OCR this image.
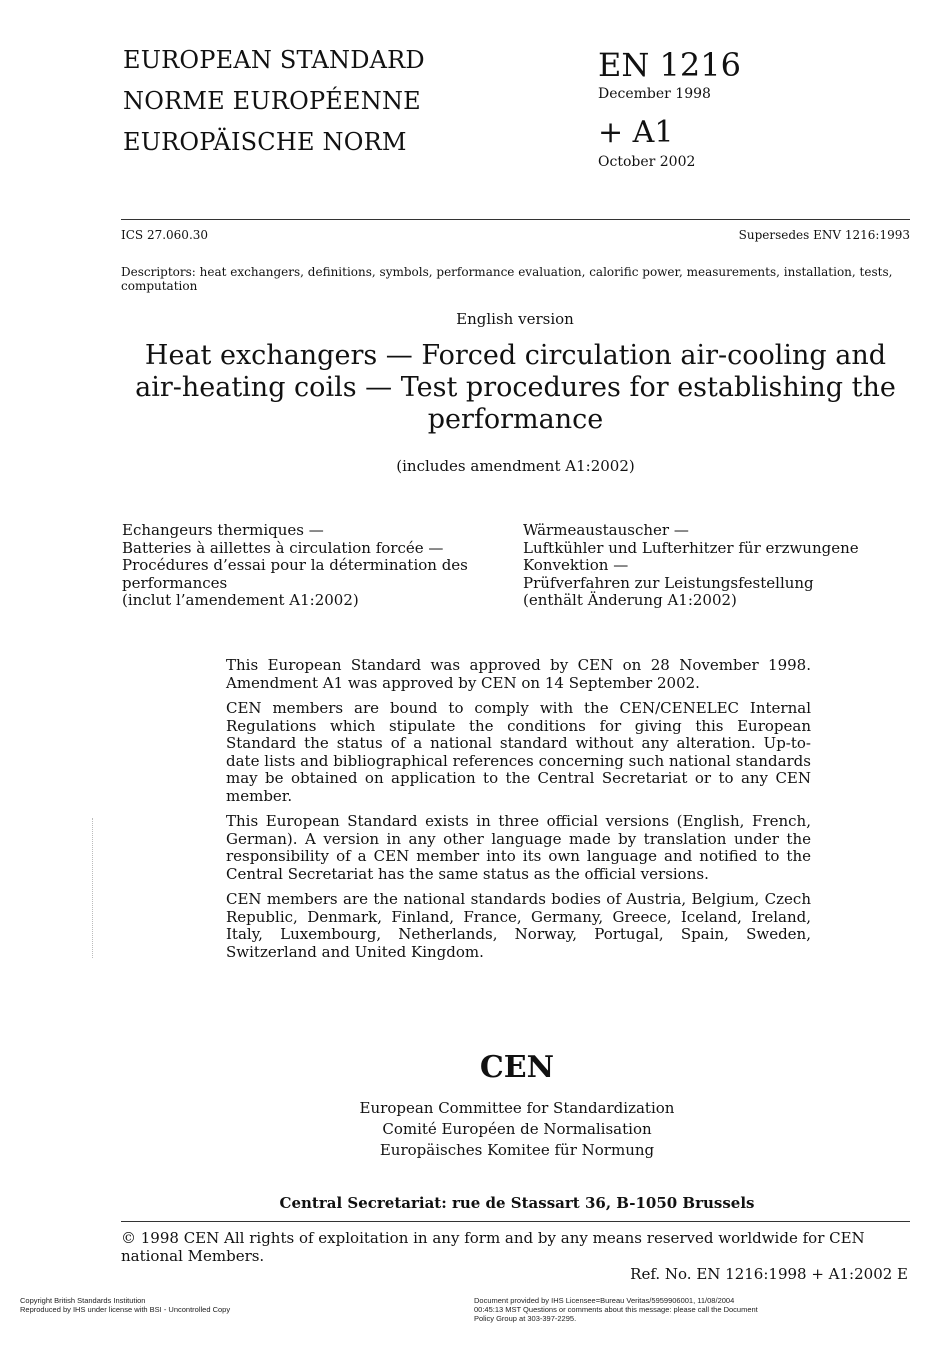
EUROPEAN STANDARD
NORME EUROPÉENNE
EUROPÄISCHE NORM
EN 1216
December 1998
+ A1
October 2002
ICS 27.060.30	Supersedes ENV 1216:1993
Descriptors: heat exchangers, definitions, symbols, performance evaluation, calorific power, measurements, installation, tests, computation
English version
Heat exchangers — Forced circulation air-cooling and air-heating coils — Test procedures for establishing the performance
(includes amendment A1:2002)
Echangeurs thermiques —
Batteries à aillettes à circulation forcée —
Procédures d’essai pour la détermination des
performances
(inclut l’amendement A1:2002)
Wärmeaustauscher —
Luftkühler und Lufterhitzer für erzwungene
Konvektion —
Prüfverfahren zur Leistungsfestellung
(enthält Änderung A1:2002)

This European Standard was approved by CEN on 28 November 1998. Amendment A1 was approved by CEN on 14 September 2002.

CEN members are bound to comply with the CEN/CENELEC Internal Regulations which stipulate the conditions for giving this European Standard the status of a national standard without any alteration. Up-to-date lists and bibliographical references concerning such national standards may be obtained on application to the Central Secretariat or to any CEN member.

This European Standard exists in three official versions (English, French, German). A version in any other language made by translation under the responsibility of a CEN member into its own language and notified to the Central Secretariat has the same status as the official versions.

CEN members are the national standards bodies of Austria, Belgium, Czech Republic, Denmark, Finland, France, Germany, Greece, Iceland, Ireland, Italy, Luxembourg, Netherlands, Norway, Portugal, Spain, Sweden, Switzerland and United Kingdom.

CEN
European Committee for Standardization
Comité Européen de Normalisation
Europäisches Komitee für Normung
Central Secretariat: rue de Stassart 36, B-1050 Brussels
© 1998 CEN All rights of exploitation in any form and by any means reserved worldwide for CEN national Members.
Ref. No. EN 1216:1998 + A1:2002 E
Copyright British Standards Institution
Reproduced by IHS under license with BSI - Uncontrolled Copy
Document provided by IHS Licensee=Bureau Veritas/5959906001, 11/08/2004
00:45:13 MST Questions or comments about this message: please call the Document
Policy Group at 303-397-2295.
